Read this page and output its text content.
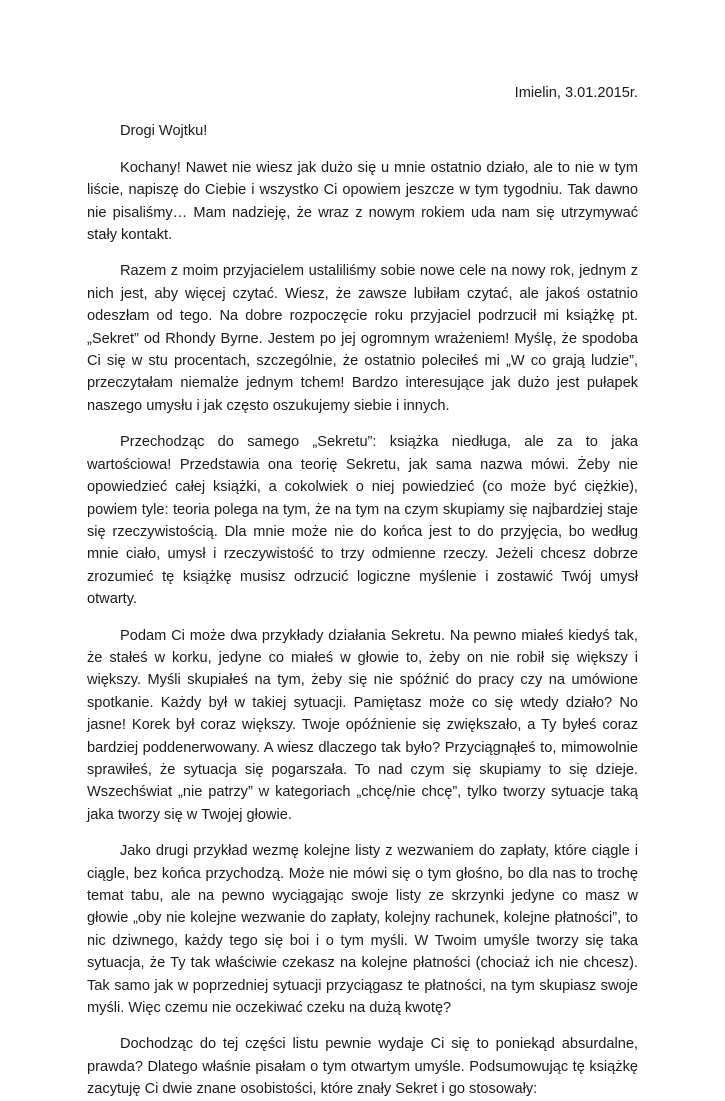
Imielin, 3.01.2015r.

Drogi Wojtku!

Kochany! Nawet nie wiesz jak dużo się u mnie ostatnio działo, ale to nie w tym liście, napiszę do Ciebie i wszystko Ci opowiem jeszcze w tym tygodniu. Tak dawno nie pisaliśmy… Mam nadzieję, że wraz z nowym rokiem uda nam się utrzymywać stały kontakt.

Razem z moim przyjacielem ustaliliśmy sobie nowe cele na nowy rok, jednym z nich jest, aby więcej czytać. Wiesz, że zawsze lubiłam czytać, ale jakoś ostatnio odeszłam od tego. Na dobre rozpoczęcie roku przyjaciel podrzucił mi książkę pt. „Sekret” od Rhondy Byrne. Jestem po jej ogromnym wrażeniem! Myślę, że spodoba Ci się w stu procentach, szczególnie, że ostatnio poleciłeś mi „W co grają ludzie”, przeczytałam niemalże jednym tchem! Bardzo interesujące jak dużo jest pułapek naszego umysłu i jak często oszukujemy siebie i innych.

Przechodząc do samego „Sekretu”: książka niedługa, ale za to jaka wartościowa! Przedstawia ona teorię Sekretu, jak sama nazwa mówi. Żeby nie opowiedzieć całej książki, a cokolwiek o niej powiedzieć (co może być ciężkie), powiem tyle: teoria polega na tym, że na tym na czym skupiamy się najbardziej staje się rzeczywistością. Dla mnie może nie do końca jest to do przyjęcia, bo według mnie ciało, umysł i rzeczywistość to trzy odmienne rzeczy. Jeżeli chcesz dobrze zrozumieć tę książkę musisz odrzucić logiczne myślenie i zostawić Twój umysł otwarty.

Podam Ci może dwa przykłady działania Sekretu. Na pewno miałeś kiedyś tak, że stałeś w korku, jedyne co miałeś w głowie to, żeby on nie robił się większy i większy. Myśli skupiałeś na tym, żeby się nie spóźnić do pracy czy na umówione spotkanie. Każdy był w takiej sytuacji. Pamiętasz może co się wtedy działo? No jasne! Korek był coraz większy. Twoje opóźnienie się zwiększało, a Ty byłeś coraz bardziej poddenerwowany. A wiesz dlaczego tak było? Przyciągnąłeś to, mimowolnie sprawiłeś, że sytuacja się pogarszała. To nad czym się skupiamy to się dzieje. Wszechświat „nie patrzy” w kategoriach „chcę/nie chcę”, tylko tworzy sytuacje taką jaka tworzy się w Twojej głowie.

Jako drugi przykład wezmę kolejne listy z wezwaniem do zapłaty, które ciągle i ciągle, bez końca przychodzą. Może nie mówi się o tym głośno, bo dla nas to trochę temat tabu, ale na pewno wyciągając swoje listy ze skrzynki jedyne co masz w głowie „oby nie kolejne wezwanie do zapłaty, kolejny rachunek, kolejne płatności”, to nic dziwnego, każdy tego się boi i o tym myśli. W Twoim umyśle tworzy się taka sytuacja, że Ty tak właściwie czekasz na kolejne płatności (chociaż ich nie chcesz). Tak samo jak w poprzedniej sytuacji przyciągasz te płatności, na tym skupiasz swoje myśli. Więc czemu nie oczekiwać czeku na dużą kwotę?

Dochodząc do tej części listu pewnie wydaje Ci się to poniekąd absurdalne, prawda? Dlatego właśnie pisałam o tym otwartym umyśle. Podsumowując tę książkę zacytuję Ci dwie znane osobistości, które znały Sekret i go stosowały:
